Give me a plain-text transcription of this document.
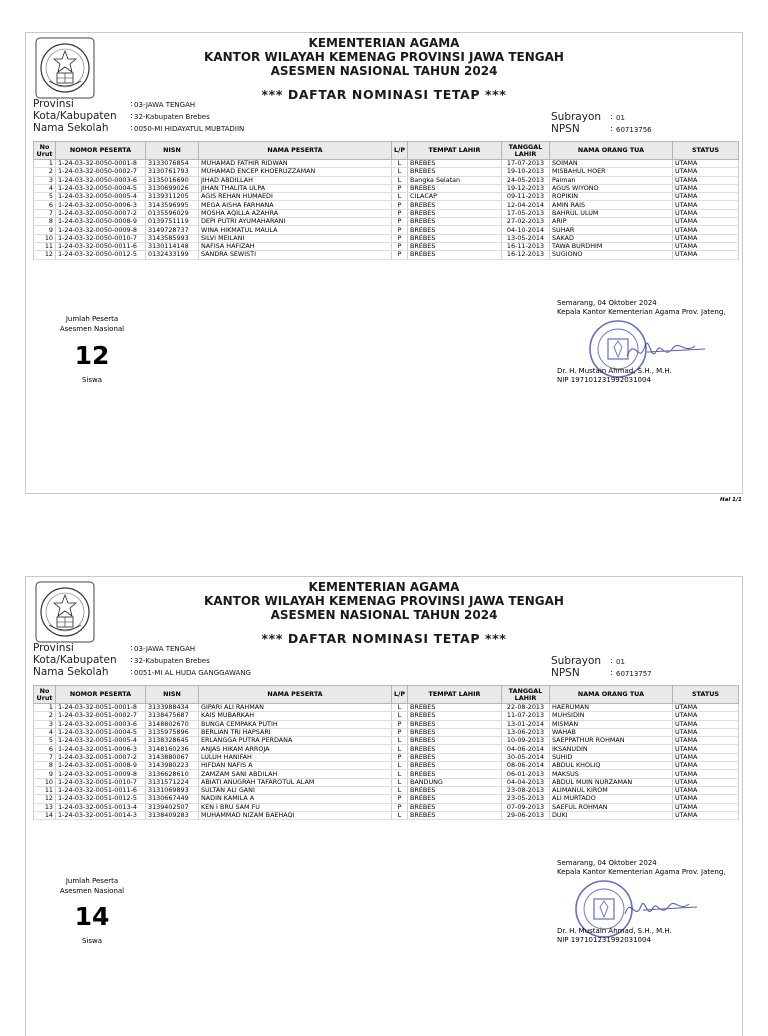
KEMENTERIAN AGAMA
KANTOR WILAYAH KEMENAG PROVINSI JAWA TENGAH
ASESMEN NASIONAL TAHUN 2024
*** DAFTAR NOMINASI TETAP ***
Provinsi	: 03-JAWA TENGAH
Kota/Kabupaten : 32-Kabupaten Brebes
Nama Sekolah	: 0050-MI HIDAYATUL MUBTADIIN
Subrayon : 01
NPSN	: 60713756
No Urut	NOMOR PESERTA	NISN	NAMA PESERTA	L/P	TEMPAT LAHIR	TANGGAL LAHIR	NAMA ORANG TUA	STATUS
1	1-24-03-32-0050-0001-8	3133076854	MUHAMAD FATHIR RIDWAN	L	BREBES	17-07-2013	SOIMAN	UTAMA
2	1-24-03-32-0050-0002-7	3130761793	MUHAMAD ENCEP KHOERUZZAMAN	L	BREBES	19-10-2013	MISBAHUL HOER	UTAMA
3	1-24-03-32-0050-0003-6	3135016690	JIHAD ABDILLAH	L	Bangka Selatan	24-05-2013	Paiman	UTAMA
4	1-24-03-32-0050-0004-5	3130699026	JIHAN THALITA ULPA	P	BREBES	19-12-2013	AGUS WIYONO	UTAMA
5	1-24-03-32-0050-0005-4	3139311205	AGIS REHAN HUMAEDI	L	CILACAP	09-11-2013	ROPIKIN	UTAMA
6	1-24-03-32-0050-0006-3	3143596995	MEGA AISHA FARHANA	P	BREBES	12-04-2014	AMIN RAIS	UTAMA
7	1-24-03-32-0050-0007-2	0135596029	MOSHA AQILLA AZAHRA	P	BREBES	17-05-2013	BAHRUL ULUM	UTAMA
8	1-24-03-32-0050-0008-9	0139751119	DEPI PUTRI AYUMAHARANI	P	BREBES	27-02-2013	ARIP	UTAMA
9	1-24-03-32-0050-0009-8	3149728737	WINA HIKMATUL MAULA	P	BREBES	04-10-2014	SUHAR	UTAMA
10	1-24-03-32-0050-0010-7	3143585993	SILVI MEILANI	P	BREBES	13-05-2014	SAKAD	UTAMA
11	1-24-03-32-0050-0011-6	3130114148	NAFISA HAFIZAH	P	BREBES	16-11-2013	TAWA BURDHIM	UTAMA
12	1-24-03-32-0050-0012-5	0132433199	SANDRA SEWISTI	P	BREBES	16-12-2013	SUGIONO	UTAMA
Jumlah Peserta
Asesmen Nasional
12
Siswa
Semarang, 04 Oktober 2024
Kepala Kantor Kementerian Agama Prov. Jateng,
Dr. H. Mustain Ahmad, S.H., M.H.
NIP 197101231992031004
Hal 1/1
KEMENTERIAN AGAMA
KANTOR WILAYAH KEMENAG PROVINSI JAWA TENGAH
ASESMEN NASIONAL TAHUN 2024
*** DAFTAR NOMINASI TETAP ***
Provinsi	: 03-JAWA TENGAH
Kota/Kabupaten : 32-Kabupaten Brebes
Nama Sekolah	: 0051-MI AL HUDA GANGGAWANG
Subrayon : 01
NPSN	: 60713757
No Urut	NOMOR PESERTA	NISN	NAMA PESERTA	L/P	TEMPAT LAHIR	TANGGAL LAHIR	NAMA ORANG TUA	STATUS
1	1-24-03-32-0051-0001-8	3133988434	GIPARI ALI RAHMAN	L	BREBES	22-08-2013	HAERUMAN	UTAMA
2	1-24-03-32-0051-0002-7	3138475687	KAIS MUBARKAH	L	BREBES	11-07-2013	MUHSIDIN	UTAMA
3	1-24-03-32-0051-0003-6	3148802670	BUNGA CEMPAKA PUTIH	P	BREBES	13-01-2014	MISMAN	UTAMA
4	1-24-03-32-0051-0004-5	3135975896	BERLIAN TRI HAPSARI	P	BREBES	13-06-2013	WAHAB	UTAMA
5	1-24-03-32-0051-0005-4	3138328645	ERLANGGA PUTRA PERDANA	L	BREBES	10-09-2013	SAEPPATHUR ROHMAN	UTAMA
6	1-24-03-32-0051-0006-3	3148160236	ANJAS HIKAM ARROJA	L	BREBES	04-06-2014	IKSANUDIN	UTAMA
7	1-24-03-32-0051-0007-2	3143880067	LULUH HANIFAH	P	BREBES	30-05-2014	SUHID	UTAMA
8	1-24-03-32-0051-0008-9	3143980223	HIFDAN NAFIS A	L	BREBES	08-06-2014	ABDUL KHOLIQ	UTAMA
9	1-24-03-32-0051-0009-8	3136628610	ZAMZAM SANI ABDILAH	L	BREBES	06-01-2013	MAKSUS	UTAMA
10	1-24-03-32-0051-0010-7	3131571224	ABIATI ANUGRAH TAFAROTUL ALAM	L	BANDUNG	04-04-2013	ABDUL MUIN NURZAMAN	UTAMA
11	1-24-03-32-0051-0011-6	3131069893	SULTAN ALI GANI	L	BREBES	23-08-2013	ALIMANUL KIROM	UTAMA
12	1-24-03-32-0051-0012-5	3130667449	NADIN KAMILA A	P	BREBES	23-05-2013	ALI MURTADO	UTAMA
13	1-24-03-32-0051-0013-4	3139402507	KEN I BRU SAM FU	P	BREBES	07-09-2013	SAEFUL ROHMAN	UTAMA
14	1-24-03-32-0051-0014-3	3138409283	MUHAMMAD NIZAM BAEHAQI	L	BREBES	29-06-2013	DUKI	UTAMA
Jumlah Peserta
Asesmen Nasional
14
Siswa
Semarang, 04 Oktober 2024
Kepala Kantor Kementerian Agama Prov. Jateng,
Dr. H. Mustain Ahmad, S.H., M.H.
NIP 197101231992031004
